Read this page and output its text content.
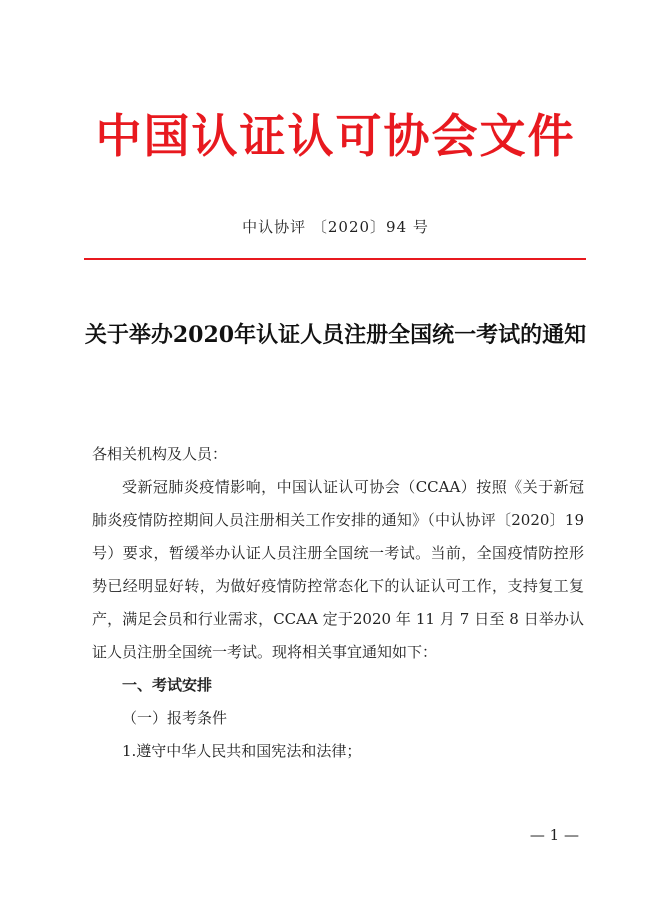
中国认证认可协会文件
中认协评 〔2020〕94 号
关于举办2020年认证人员注册全国统一考试的通知

各相关机构及人员：

受新冠肺炎疫情影响，中国认证认可协会（CCAA）按照《关于新冠肺炎疫情防控期间人员注册相关工作安排的通知》（中认协评〔2020〕19 号）要求，暂缓举办认证人员注册全国统一考试。当前，全国疫情防控形势已经明显好转，为做好疫情防控常态化下的认证认可工作，支持复工复产，满足会员和行业需求，CCAA 定于2020 年 11 月 7 日至 8 日举办认证人员注册全国统一考试。现将相关事宜通知如下：

一、考试安排

（一）报考条件

1.遵守中华人民共和国宪法和法律；

— 1 —
